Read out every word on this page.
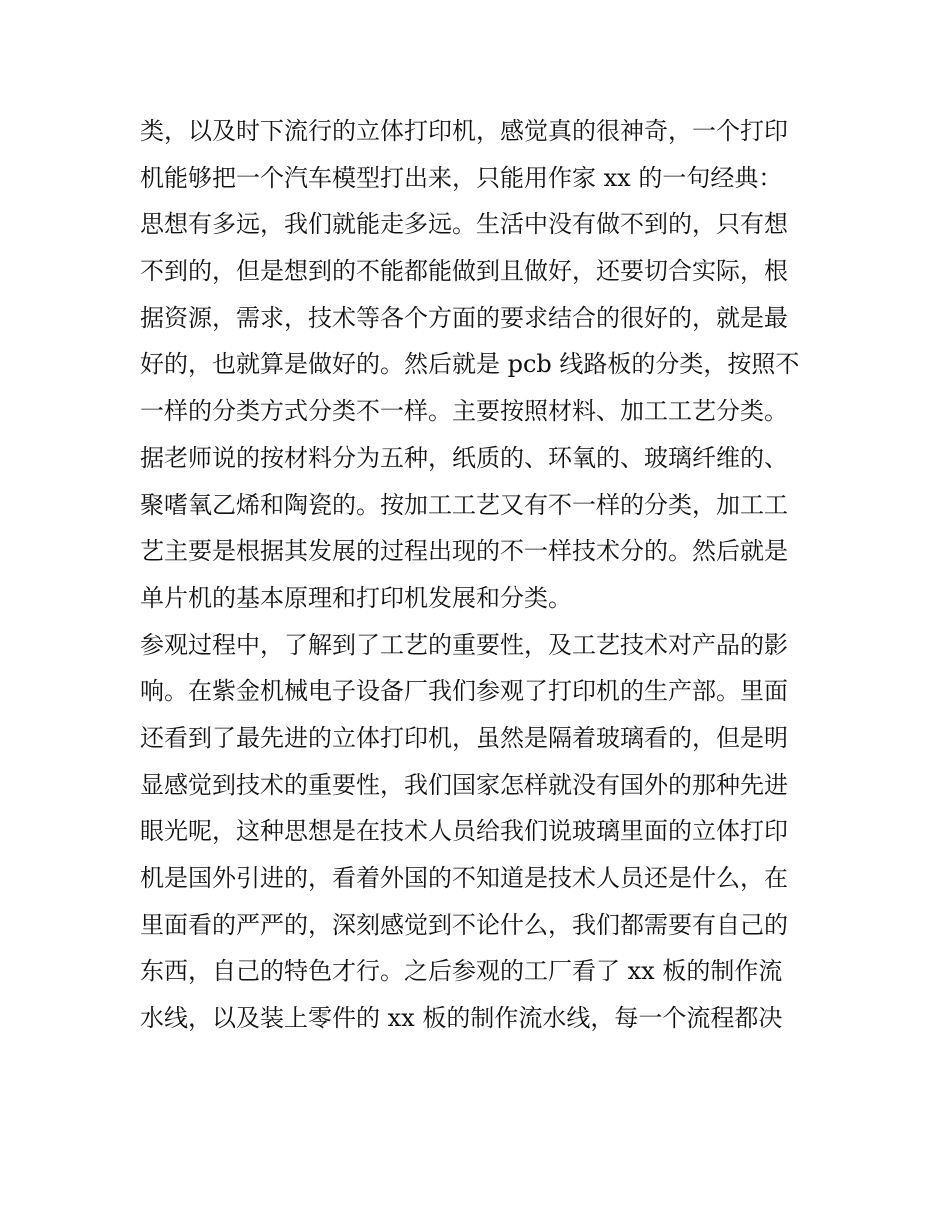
类，以及时下流行的立体打印机，感觉真的很神奇，一个打印
机能够把一个汽车模型打出来，只能用作家 xx 的一句经典：
思想有多远，我们就能走多远。生活中没有做不到的，只有想
不到的，但是想到的不能都能做到且做好，还要切合实际，根
据资源，需求，技术等各个方面的要求结合的很好的，就是最
好的，也就算是做好的。然后就是 pcb 线路板的分类，按照不
一样的分类方式分类不一样。主要按照材料、加工工艺分类。
据老师说的按材料分为五种，纸质的、环氧的、玻璃纤维的、
聚嗜氧乙烯和陶瓷的。按加工工艺又有不一样的分类，加工工
艺主要是根据其发展的过程出现的不一样技术分的。然后就是
单片机的基本原理和打印机发展和分类。
参观过程中，了解到了工艺的重要性，及工艺技术对产品的影
响。在紫金机械电子设备厂我们参观了打印机的生产部。里面
还看到了最先进的立体打印机，虽然是隔着玻璃看的，但是明
显感觉到技术的重要性，我们国家怎样就没有国外的那种先进
眼光呢，这种思想是在技术人员给我们说玻璃里面的立体打印
机是国外引进的，看着外国的不知道是技术人员还是什么，在
里面看的严严的，深刻感觉到不论什么，我们都需要有自己的
东西，自己的特色才行。之后参观的工厂看了 xx 板的制作流
水线，以及装上零件的 xx 板的制作流水线，每一个流程都决
